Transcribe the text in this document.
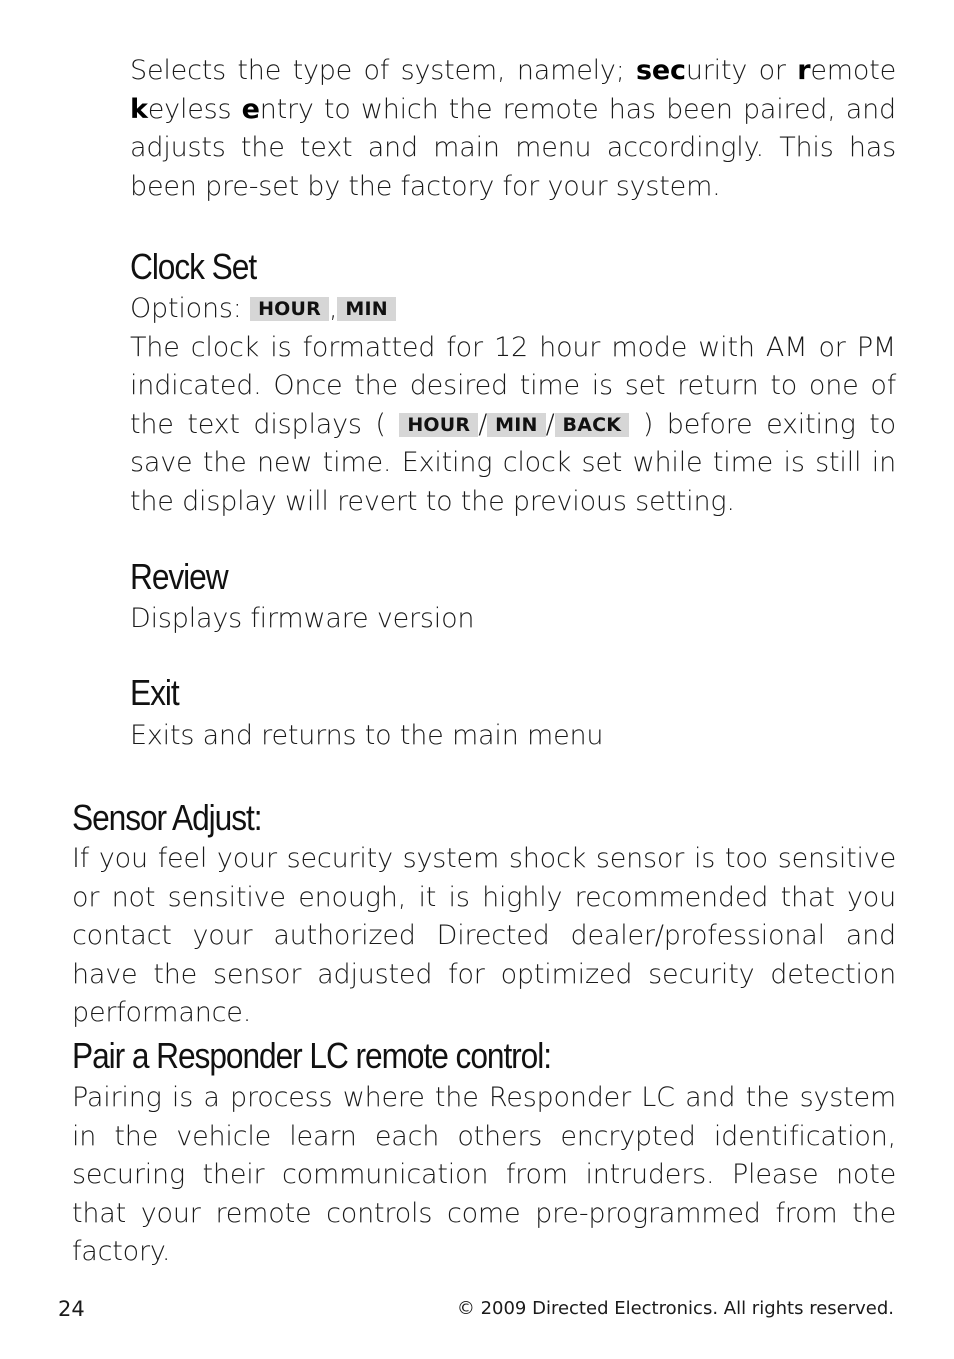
Selects the type of system, namely; security or remote keyless entry to which the remote has been paired, and adjusts the text and main menu accordingly. This has been pre-set by the factory for your system.

Clock Set

Options: HOUR , MIN

The clock is formatted for 12 hour mode with AM or PM indicated. Once the desired time is set return to one of the text displays ( HOUR / MIN / BACK ) before exiting to save the new time. Exiting clock set while time is still in the display will revert to the previous setting.

Review

Displays firmware version

Exit

Exits and returns to the main menu

Sensor Adjust:

If you feel your security system shock sensor is too sensitive or not sensitive enough, it is highly recommended that you contact your authorized Directed dealer/professional and have the sensor adjusted for optimized security detection performance.

Pair a Responder LC remote control:

Pairing is a process where the Responder LC and the system in the vehicle learn each others encrypted identification, securing their communication from intruders. Please note that your remote controls come pre-programmed from the factory.

24	© 2009 Directed Electronics. All rights reserved.
